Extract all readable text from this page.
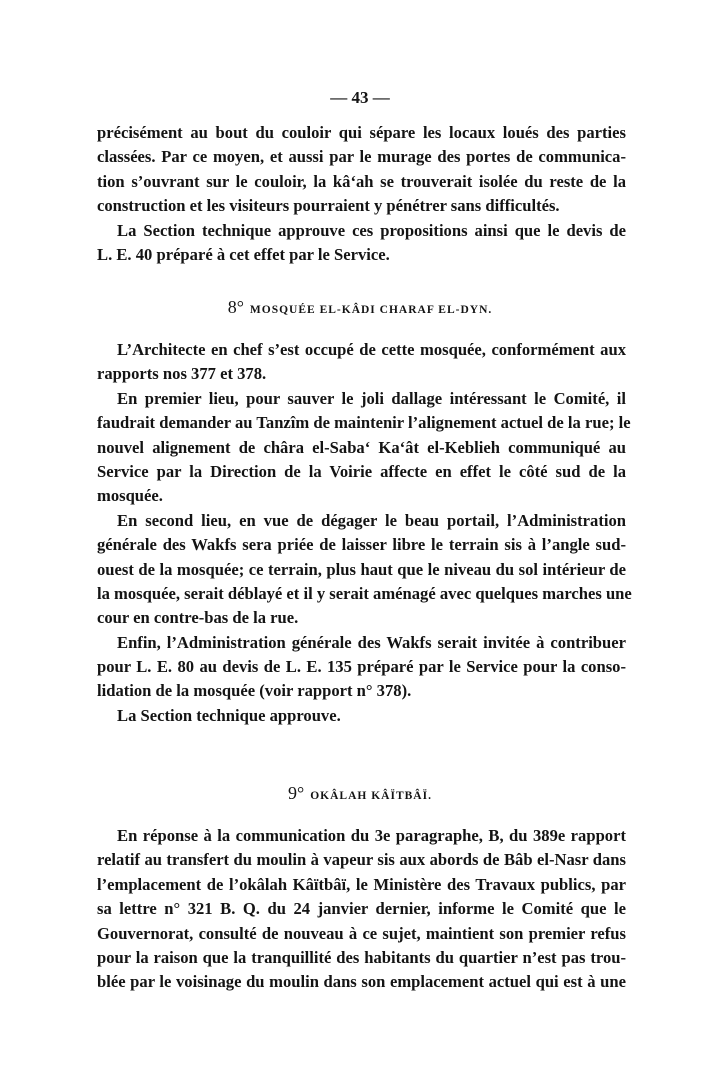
— 43 —
précisément au bout du couloir qui sépare les locaux loués des parties
classées. Par ce moyen, et aussi par le murage des portes de communica-
tion s’ouvrant sur le couloir, la kâ‘ah se trouverait isolée du reste de la
construction et les visiteurs pourraient y pénétrer sans difficultés.
La Section technique approuve ces propositions ainsi que le devis de
L. E. 40 préparé à cet effet par le Service.
8° MOSQUÉE EL-KÂDI CHARAF EL-DYN.
L’Architecte en chef s’est occupé de cette mosquée, conformément aux
rapports nos 377 et 378.
En premier lieu, pour sauver le joli dallage intéressant le Comité, il
faudrait demander au Tanzîm de maintenir l’alignement actuel de la rue; le
nouvel alignement de châra el-Saba‘ Ka‘ât el-Keblieh communiqué au
Service par la Direction de la Voirie affecte en effet le côté sud de la
mosquée.
En second lieu, en vue de dégager le beau portail, l’Administration
générale des Wakfs sera priée de laisser libre le terrain sis à l’angle sud-
ouest de la mosquée; ce terrain, plus haut que le niveau du sol intérieur de
la mosquée, serait déblayé et il y serait aménagé avec quelques marches une
cour en contre-bas de la rue.
Enfin, l’Administration générale des Wakfs serait invitée à contribuer
pour L. E. 80 au devis de L. E. 135 préparé par le Service pour la conso-
lidation de la mosquée (voir rapport n° 378).
La Section technique approuve.
9° OKÂLAH KÂÏTBÂÏ.
En réponse à la communication du 3e paragraphe, B, du 389e rapport
relatif au transfert du moulin à vapeur sis aux abords de Bâb el-Nasr dans
l’emplacement de l’okâlah Kâïtbâï, le Ministère des Travaux publics, par
sa lettre n° 321 B. Q. du 24 janvier dernier, informe le Comité que le
Gouvernorat, consulté de nouveau à ce sujet, maintient son premier refus
pour la raison que la tranquillité des habitants du quartier n’est pas trou-
blée par le voisinage du moulin dans son emplacement actuel qui est à une
